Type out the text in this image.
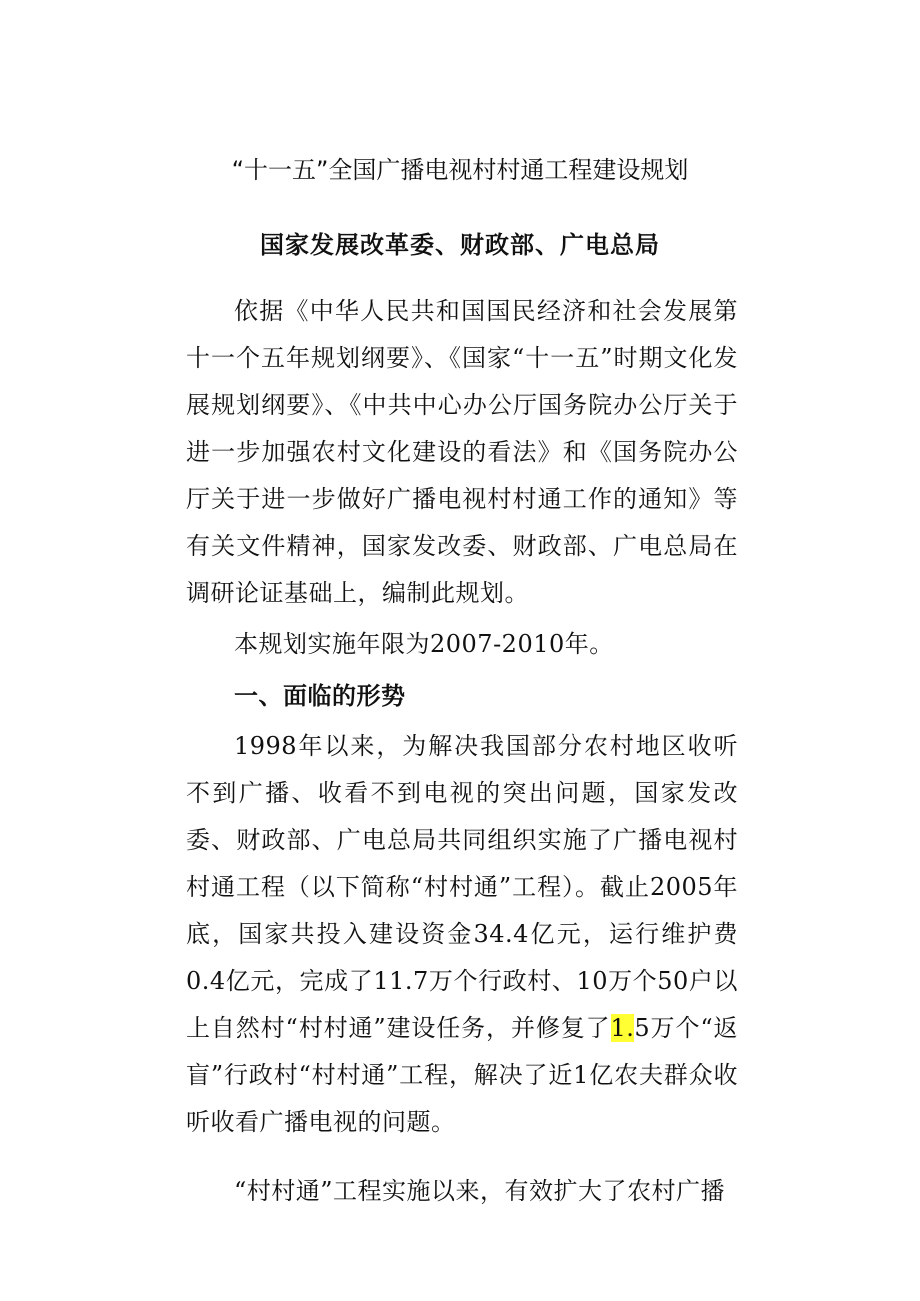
“十一五”全国广播电视村村通工程建设规划
国家发展改革委、财政部、广电总局

依据《中华人民共和国国民经济和社会发展第十一个五年规划纲要》、《国家“十一五”时期文化发展规划纲要》、《中共中心办公厅国务院办公厅关于进一步加强农村文化建设的看法》和《国务院办公厅关于进一步做好广播电视村村通工作的通知》等有关文件精神，国家发改委、财政部、广电总局在调研论证基础上，编制此规划。

本规划实施年限为2007-2010年。

一、面临的形势

1998年以来，为解决我国部分农村地区收听不到广播、收看不到电视的突出问题，国家发改委、财政部、广电总局共同组织实施了广播电视村村通工程（以下简称“村村通”工程）。截止2005年底，国家共投入建设资金34.4亿元，运行维护费0.4亿元，完成了11.7万个行政村、10万个50户以上自然村“村村通”建设任务，并修复了1.5万个“返盲”行政村“村村通”工程，解决了近1亿农夫群众收听收看广播电视的问题。

“村村通”工程实施以来，有效扩大了农村广播
